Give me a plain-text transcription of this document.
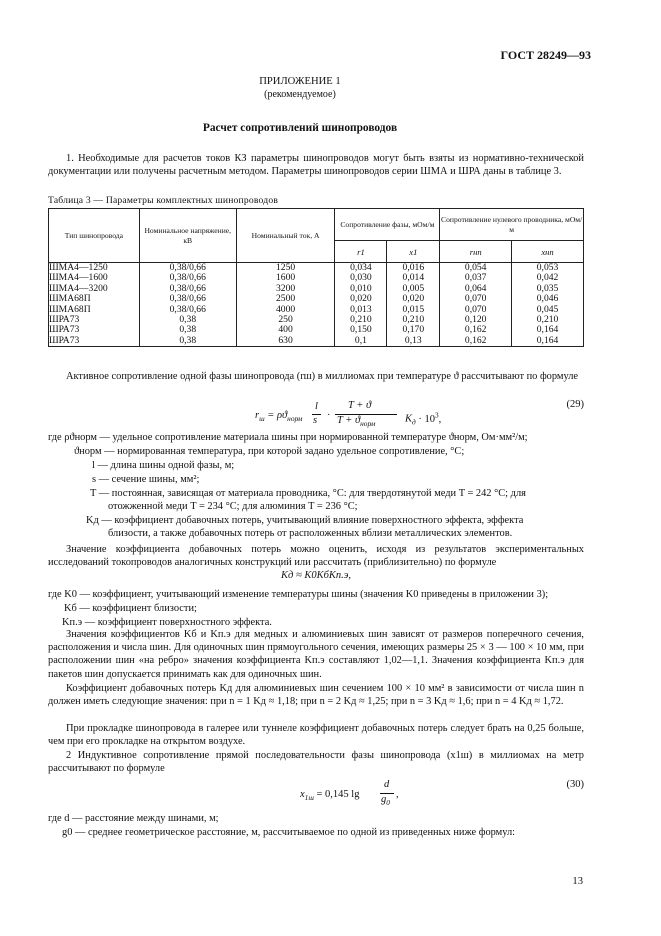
ГОСТ 28249—93
ПРИЛОЖЕНИЕ 1
(рекомендуемое)
Расчет сопротивлений шинопроводов
1. Необходимые для расчетов токов КЗ параметры шинопроводов могут быть взяты из нормативно-технической документации или получены расчетным методом. Параметры шинопроводов серии ШМА и ШРА даны в таблице 3.
Таблица 3 — Параметры комплектных шинопроводов
Тип шинопровода	Номинальное напряжение, кВ	Номинальный ток, А	Сопротивление фазы, мОм/м		Сопротивление нулевого проводника, мОм/м	
			r1	x1	rнп	xнп
ШМА4—1250	0,38/0,66	1250	0,034	0,016	0,054	0,053
ШМА4—1600	0,38/0,66	1600	0,030	0,014	0,037	0,042
ШМА4—3200	0,38/0,66	3200	0,010	0,005	0,064	0,035
ШМА68П	0,38/0,66	2500	0,020	0,020	0,070	0,046
ШМА68П	0,38/0,66	4000	0,013	0,015	0,070	0,045
ШРА73	0,38	250	0,210	0,210	0,120	0,210
ШРА73	0,38	400	0,150	0,170	0,162	0,164
ШРА73	0,38	630	0,1	0,13	0,162	0,164
Активное сопротивление одной фазы шинопровода (rш) в миллиомах при температуре ϑ рассчитывают по формуле
$r_ш = \rho ϑ_{норм}$
l
s ·
T + ϑ
$T + ϑ_{норм}$	$K_д \cdot 10^3$,
(29)
где ρϑнорм — удельное сопротивление материала шины при нормированной температуре ϑнорм, Ом·мм²/м;
ϑнорм — нормированная температура, при которой задано удельное сопротивление, °С;
l — длина шины одной фазы, м;
s — сечение шины, мм²;
T — постоянная, зависящая от материала проводника, °С: для твердотянутой меди T = 242 °С; для
отожженной меди T = 234 °С; для алюминия T = 236 °С;
Kд — коэффициент добавочных потерь, учитывающий влияние поверхностного эффекта, эффекта
близости, а также добавочных потерь от расположенных вблизи металлических элементов.
Значение коэффициента добавочных потерь можно оценить, исходя из результатов экспериментальных исследований токопроводов аналогичных конструкций или рассчитать (приблизительно) по формуле
Kд ≈ K0KбKп.э,
где K0 — коэффициент, учитывающий изменение температуры шины (значения K0 приведены в приложении 3);
Kб — коэффициент близости;
Kп.э — коэффициент поверхностного эффекта.
Значения коэффициентов Kб и Kп.э для медных и алюминиевых шин зависят от размеров поперечного сечения, расположения и числа шин. Для одиночных шин прямоугольного сечения, имеющих размеры 25 × 3 — 100 × 10 мм, при расположении шин «на ребро» значения коэффициента Kп.э составляют 1,02—1,1. Значения коэффициента Kп.э для пакетов шин допускается принимать как для одиночных шин.
Коэффициент добавочных потерь Kд для алюминиевых шин сечением 100 × 10 мм² в зависимости от числа шин n должен иметь следующие значения: при n = 1 Kд ≈ 1,18; при n = 2 Kд ≈ 1,25; при n = 3 Kд ≈ 1,6; при n = 4 Kд ≈ 1,72.
При прокладке шинопровода в галерее или туннеле коэффициент добавочных потерь следует брать на 0,25 больше, чем при его прокладке на открытом воздухе.
2 Индуктивное сопротивление прямой последовательности фазы шинопровода (x1ш) в миллиомах на метр рассчитывают по формуле
$x_{1ш} = 0,145$ lg
d
$g_0$
,
(30)
где d — расстояние между шинами, м;
g0 — среднее геометрическое расстояние, м, рассчитываемое по одной из приведенных ниже формул:
13
